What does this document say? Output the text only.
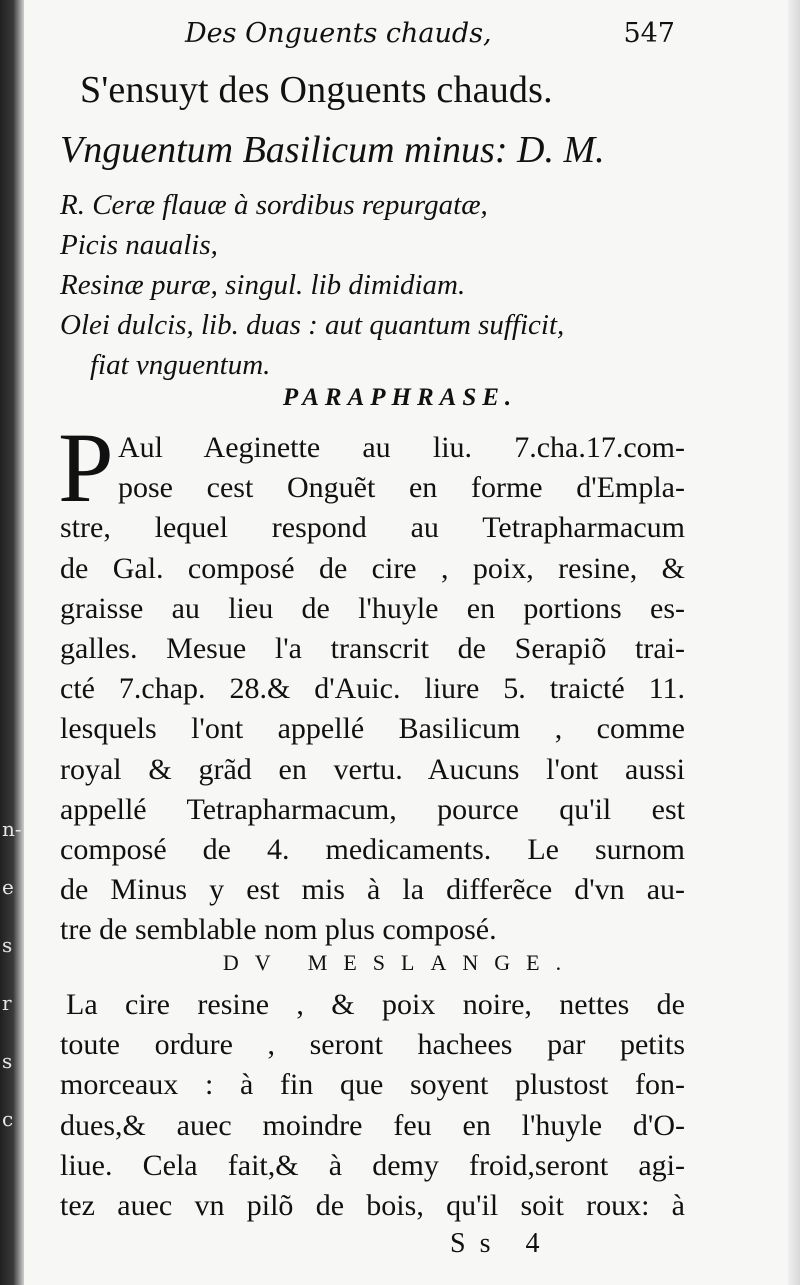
n-
e
s
r
s
c
Des Onguents chauds,	547
S'ensuyt des Onguents chauds.
Vnguentum Basilicum minus: D. M.
R. Ceræ flauæ à sordibus repurgatæ,
Picis naualis,
Resinæ puræ, singul. lib dimidiam.
Olei dulcis, lib. duas : aut quantum sufficit,
fiat vnguentum.
PARAPHRASE.
P Aul Aeginette au liu. 7.cha.17.com-
pose cest Onguẽt en forme d'Empla-
stre, lequel respond au Tetrapharmacum
de Gal. composé de cire , poix, resine, &
graisse au lieu de l'huyle en portions es-
galles. Mesue l'a transcrit de Serapiõ trai-
cté 7.chap. 28.& d'Auic. liure 5. traicté 11.
lesquels l'ont appellé Basilicum , comme
royal & grãd en vertu. Aucuns l'ont aussi
appellé Tetrapharmacum, pource qu'il est
composé de 4. medicaments. Le surnom
de Minus y est mis à la differẽce d'vn au-
tre de semblable nom plus composé.
DV MESLANGE.
La cire resine , & poix noire, nettes de
toute ordure , seront hachees par petits
morceaux : à fin que soyent plustost fon-
dues,& auec moindre feu en l'huyle d'O-
liue. Cela fait,& à demy froid,seront agi-
tez auec vn pilõ de bois, qu'il soit roux: à
Ss 4
